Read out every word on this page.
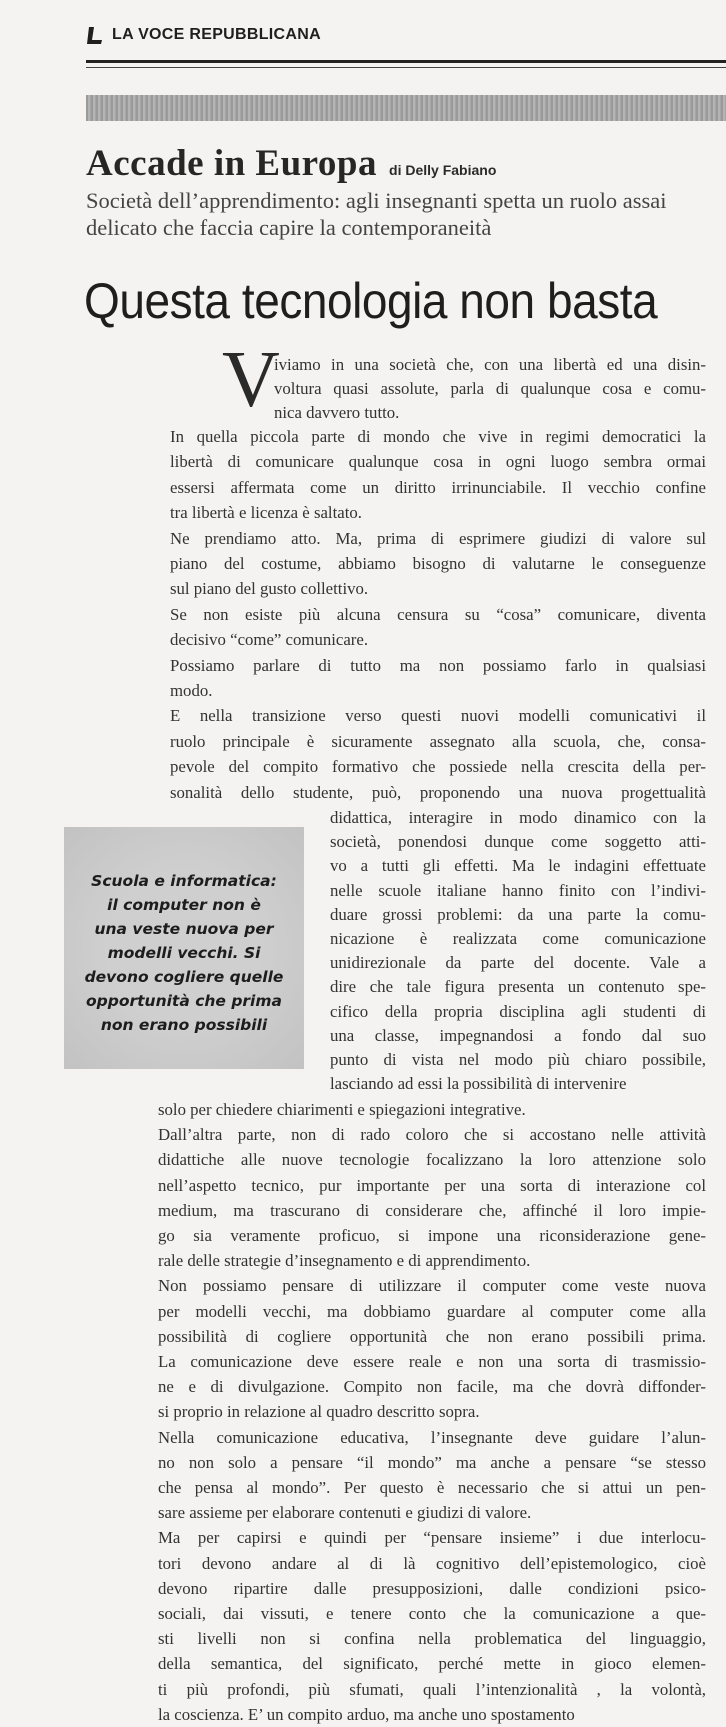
LA VOCE REPUBBLICANA
Accade in Europa di Delly Fabiano
Società dell’apprendimento: agli insegnanti spetta un ruolo assai delicato che faccia capire la contemporaneità
Questa tecnologia non basta
V
iviamo in una società che, con una libertà ed una disin-
voltura quasi assolute, parla di qualunque cosa e comu-
nica davvero tutto.
In quella piccola parte di mondo che vive in regimi democratici la
libertà di comunicare qualunque cosa in ogni luogo sembra ormai
essersi affermata come un diritto irrinunciabile. Il vecchio confine
tra libertà e licenza è saltato.
Ne prendiamo atto. Ma, prima di esprimere giudizi di valore sul
piano del costume, abbiamo bisogno di valutarne le conseguenze
sul piano del gusto collettivo.
Se non esiste più alcuna censura su “cosa” comunicare, diventa
decisivo “come” comunicare.
Possiamo parlare di tutto ma non possiamo farlo in qualsiasi
modo.
E nella transizione verso questi nuovi modelli comunicativi il
ruolo principale è sicuramente assegnato alla scuola, che, consa-
pevole del compito formativo che possiede nella crescita della per-
sonalità dello studente, può, proponendo una nuova progettualità
didattica, interagire in modo dinamico con la
società, ponendosi dunque come soggetto atti-
vo a tutti gli effetti. Ma le indagini effettuate
nelle scuole italiane hanno finito con l’indivi-
duare grossi problemi: da una parte la comu-
nicazione è realizzata come comunicazione
unidirezionale da parte del docente. Vale a
dire che tale figura presenta un contenuto spe-
cifico della propria disciplina agli studenti di
una classe, impegnandosi a fondo dal suo
punto di vista nel modo più chiaro possibile,
lasciando ad essi la possibilità di intervenire
solo per chiedere chiarimenti e spiegazioni integrative.
Dall’altra parte, non di rado coloro che si accostano nelle attività
didattiche alle nuove tecnologie focalizzano la loro attenzione solo
nell’aspetto tecnico, pur importante per una sorta di interazione col
medium, ma trascurano di considerare che, affinché il loro impie-
go sia veramente proficuo, si impone una riconsiderazione gene-
rale delle strategie d’insegnamento e di apprendimento.
Non possiamo pensare di utilizzare il computer come veste nuova
per modelli vecchi, ma dobbiamo guardare al computer come alla
possibilità di cogliere opportunità che non erano possibili prima.
La comunicazione deve essere reale e non una sorta di trasmissio-
ne e di divulgazione. Compito non facile, ma che dovrà diffonder-
si proprio in relazione al quadro descritto sopra.
Nella comunicazione educativa, l’insegnante deve guidare l’alun-
no non solo a pensare “il mondo” ma anche a pensare “se stesso
che pensa al mondo”. Per questo è necessario che si attui un pen-
sare assieme per elaborare contenuti e giudizi di valore.
Ma per capirsi e quindi per “pensare insieme” i due interlocu-
tori devono andare al di là cognitivo dell’epistemologico, cioè
devono ripartire dalle presupposizioni, dalle condizioni psico-
sociali, dai vissuti, e tenere conto che la comunicazione a que-
sti livelli non si confina nella problematica del linguaggio,
della semantica, del significato, perché mette in gioco elemen-
ti più profondi, più sfumati, quali l’intenzionalità , la volontà,
la coscienza. E’ un compito arduo, ma anche uno spostamento
Scuola e informatica:
il computer non è
una veste nuova per
modelli vecchi. Si
devono cogliere quelle
opportunità che prima
non erano possibili
